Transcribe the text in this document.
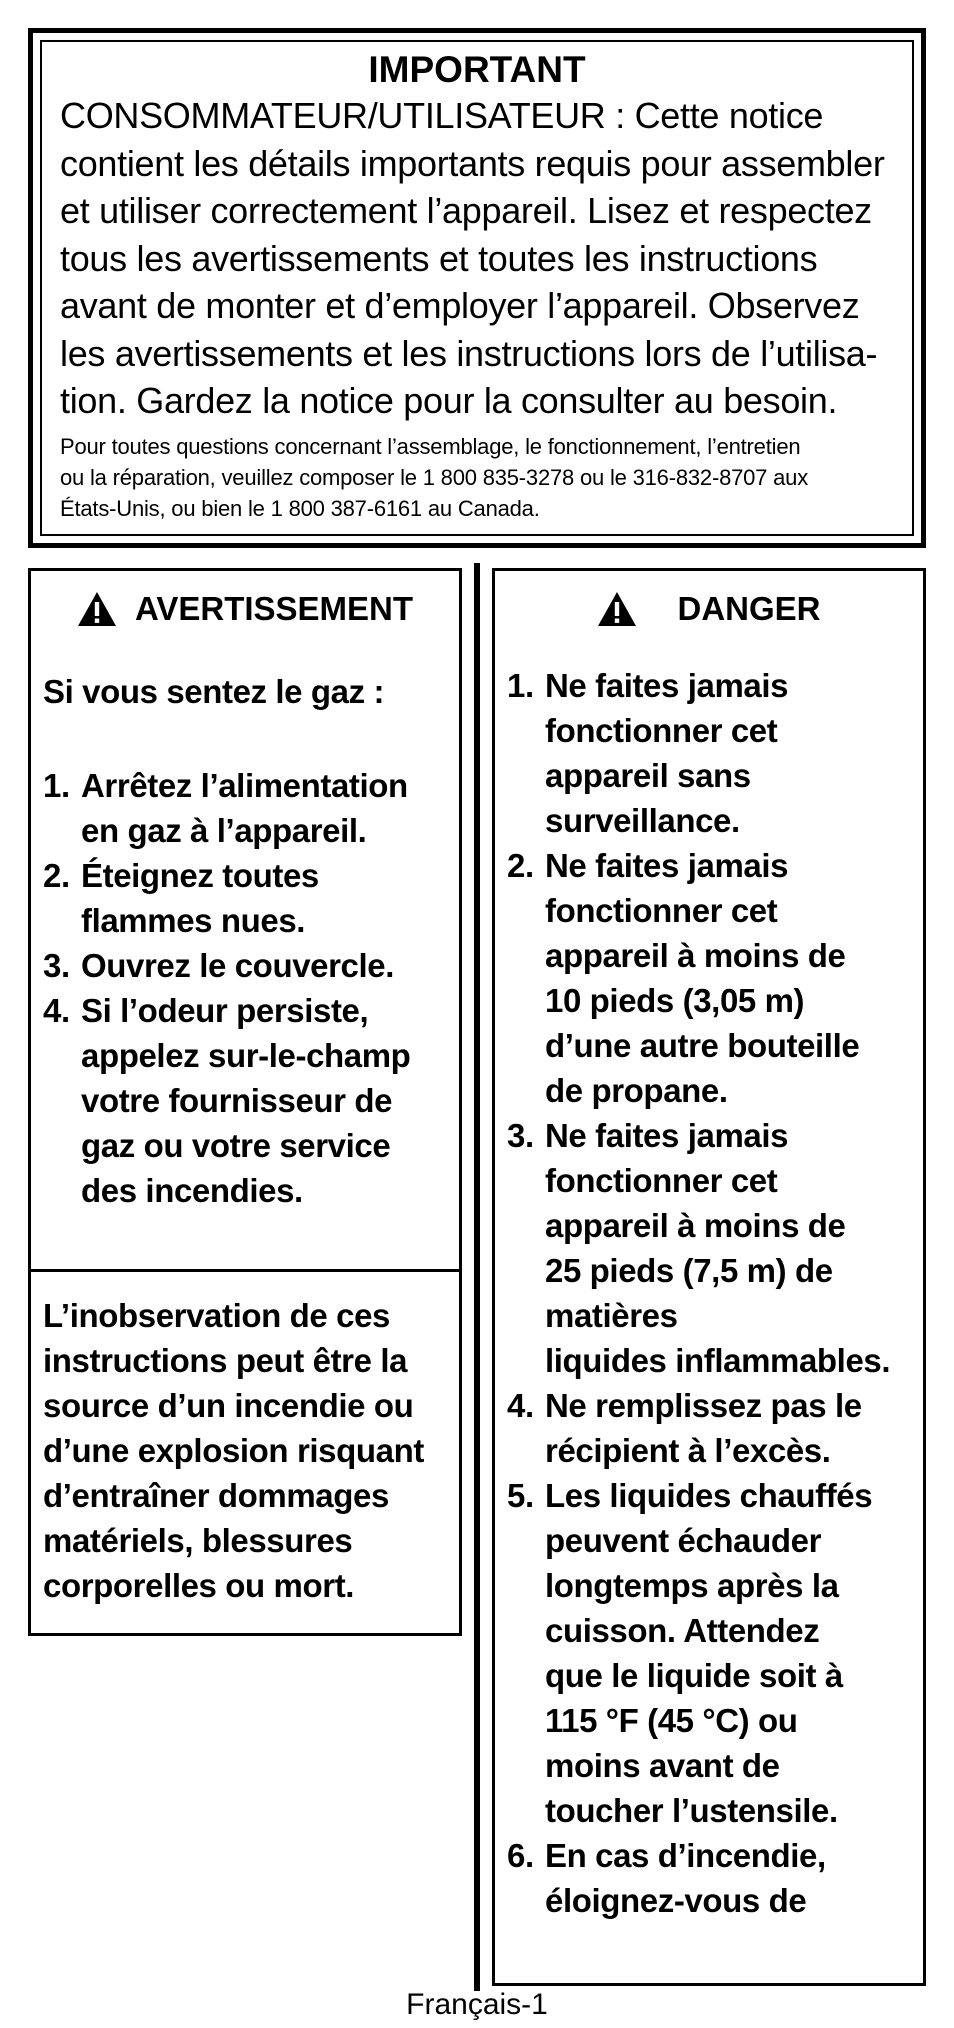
IMPORTANT
CONSOMMATEUR/UTILISATEUR : Cette notice
contient les détails importants requis pour assembler
et utiliser correctement l’appareil. Lisez et respectez
tous les avertissements et toutes les instructions
avant de monter et d’employer l’appareil. Observez
les avertissements et les instructions lors de l’utilisa-
tion. Gardez la notice pour la consulter au besoin.
Pour toutes questions concernant l’assemblage, le fonctionnement, l’entretien
ou la réparation, veuillez composer le 1 800 835-3278 ou le 316-832-8707 aux
États-Unis, ou bien le 1 800 387-6161 au Canada.
AVERTISSEMENT
Si vous sentez le gaz :
1. Arrêtez l’alimentation
en gaz à l’appareil.
2. Éteignez toutes
flammes nues.
3. Ouvrez le couvercle.
4. Si l’odeur persiste,
appelez sur-le-champ
votre fournisseur de
gaz ou votre service
des incendies.
L’inobservation de ces
instructions peut être la
source d’un incendie ou
d’une explosion risquant
d’entraîner dommages
matériels, blessures
corporelles ou mort.
DANGER
1. Ne faites jamais
fonctionner cet
appareil sans
surveillance.
2. Ne faites jamais
fonctionner cet
appareil à moins de
10 pieds (3,05 m)
d’une autre bouteille
de propane.
3. Ne faites jamais
fonctionner cet
appareil à moins de
25 pieds (7,5 m) de
matières
liquides inflammables.
4. Ne remplissez pas le
récipient à l’excès.
5. Les liquides chauffés
peuvent échauder
longtemps après la
cuisson. Attendez
que le liquide soit à
115 °F (45 °C) ou
moins avant de
toucher l’ustensile.
6. En cas d’incendie,
éloignez-vous de
Français-1
